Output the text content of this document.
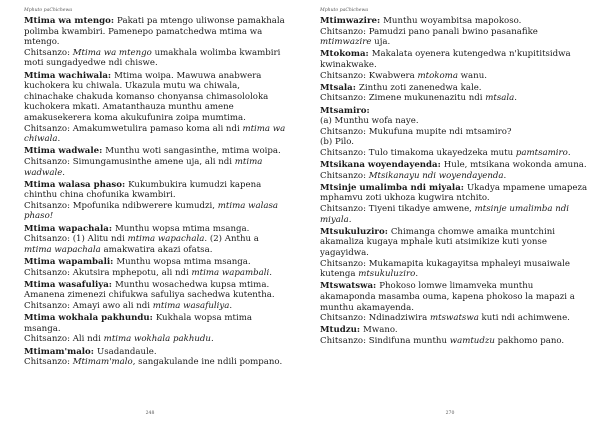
Mphuto paChichewa
Mtima wa mtengo: Pakati pa mtengo uliwonse pamakhala polimba kwambiri. Pamenepo pamatchedwa mtima wa mtengo.
Chitsanzo: Mtima wa mtengo umakhala wolimba kwambiri moti sungadyedwe ndi chiswe.
Mtima wachiwala: Mtima woipa. Mawuwa anabwera kuchokera ku chiwala. Ukazula mutu wa chiwala, chinachake chakuda komanso chonyansa chimasololoka kuchokera mkati. Amatanthauza munthu amene amakusekerera koma akukufunira zoipa mumtima.
Chitsanzo: Amakumwetulira pamaso koma ali ndi mtima wa chiwala.
Mtima wadwale: Munthu woti sangasinthe, mtima woipa.
Chitsanzo: Simungamusinthe amene uja, ali ndi mtima wadwale.
Mtima walasa phaso: Kukumbukira kumudzi kapena chinthu china chofunika kwambiri.
Chitsanzo: Mpofunika ndibwerere kumudzi, mtima walasa phaso!
Mtima wapachala: Munthu wopsa mtima msanga.
Chitsanzo: (1) Alitu ndi mtima wapachala. (2) Anthu a mtima wapachala amakwatira akazi ofatsa.
Mtima wapambali: Munthu wopsa mtima msanga.
Chitsanzo: Akutsira mphepotu, ali ndi mtima wapambali.
Mtima wasafuliya: Munthu wosachedwa kupsa mtima. Amanena zimenezi chifukwa safuliya sachedwa kutentha.
Chitsanzo: Amayi awo ali ndi mtima wasafuliya.
Mtima wokhala pakhundu: Kukhala wopsa mtima msanga.
Chitsanzo: Ali ndi mtima wokhala pakhudu.
Mtimam'malo: Usadandaule.
Chitsanzo: Mtimam'malo, sangakulande ine ndili pompano.
248
Mphuto paChichewa
Mtimwazire: Munthu woyambitsa mapokoso.
Chitsanzo: Pamudzi pano panali bwino pasanafike mtimwazire uja.
Mtokoma: Makalata oyenera kutengedwa n'kupititsidwa kwinakwake.
Chitsanzo: Kwabwera mtokoma wanu.
Mtsala: Zinthu zoti zanenedwa kale.
Chitsanzo: Zimene mukunenazitu ndi mtsala.
Mtsamiro:
(a) Munthu wofa naye.
Chitsanzo: Mukufuna mupite ndi mtsamiro?
(b) Pilo.
Chitsanzo: Tulo timakoma ukayedzeka mutu pamtsamiro.
Mtsikana woyendayenda: Hule, mtsikana wokonda amuna.
Chitsanzo: Mtsikanayu ndi woyendayenda.
Mtsinje umalimba ndi miyala: Ukadya mpamene umapeza mphamvu zoti ukhoza kugwira ntchito.
Chitsanzo: Tiyeni tikadye amwene, mtsinje umalimba ndi miyala.
Mtsukuluziro: Chimanga chomwe amaika muntchini akamaliza kugaya mphale kuti atsimikize kuti yonse yagayidwa.
Chitsanzo: Mukamapita kukagayitsa mphaleyi musaiwale kutenga mtsukuluziro.
Mtswatswa: Phokoso lomwe limamveka munthu akamaponda masamba ouma, kapena phokoso la mapazi a munthu akamayenda.
Chitsanzo: Ndinadziwira mtswatswa kuti ndi achimwene.
Mtudzu: Mwano.
Chitsanzo: Sindifuna munthu wamtudzu pakhomo pano.
270
